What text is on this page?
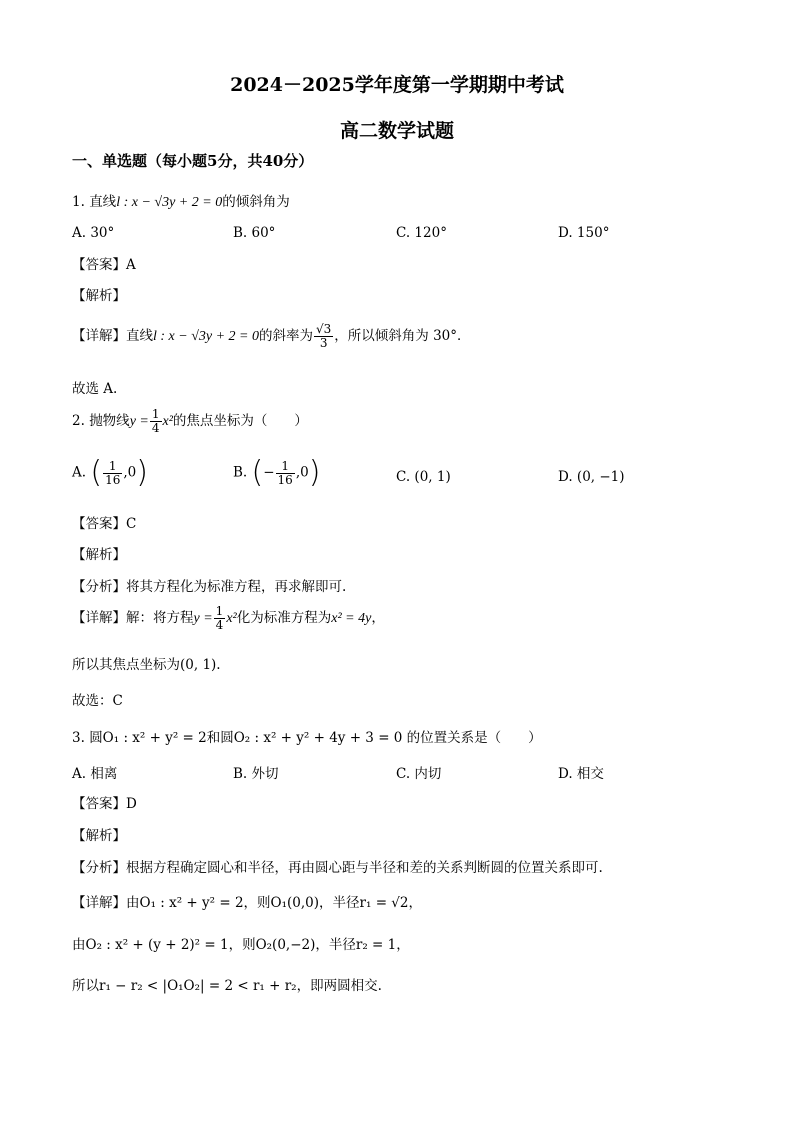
2024－2025学年度第一学期期中考试
高二数学试题
一、单选题（每小题5分，共40分）
1. 直线l : x − √3y + 2 = 0的倾斜角为
A. 30°	B. 60°	C. 120°	D. 150°
【答案】A
【解析】
【详解】直线l : x − √3y + 2 = 0的斜率为 $\frac{√3}{3}$ ，所以倾斜角为 30°．
故选 A.
2. 抛物线$y = \frac{1}{4} x^2$的焦点坐标为（　　）
A. ( $\frac{1}{16} ,0$)	B. (− $\frac{1}{16} ,0$)	C. (0, 1)	D. (0, −1)
【答案】C
【解析】
【分析】将其方程化为标准方程，再求解即可.
【详解】解：将方程$y = \frac{1}{4} x^2$化为标准方程为x² = 4y，
所以其焦点坐标为(0, 1).
故选：C
3. 圆O₁ : x² + y² = 2和圆O₂ : x² + y² + 4y + 3 = 0 的位置关系是（　　）
A. 相离	B. 外切	C. 内切	D. 相交
【答案】D
【解析】
【分析】根据方程确定圆心和半径，再由圆心距与半径和差的关系判断圆的位置关系即可.
【详解】由O₁ : x² + y² = 2，则O₁(0,0)，半径r₁ = √2，
由O₂ : x² + (y + 2)² = 1，则O₂(0,−2)，半径r₂ = 1，
所以r₁ − r₂ < |O₁O₂| = 2 < r₁ + r₂，即两圆相交.
